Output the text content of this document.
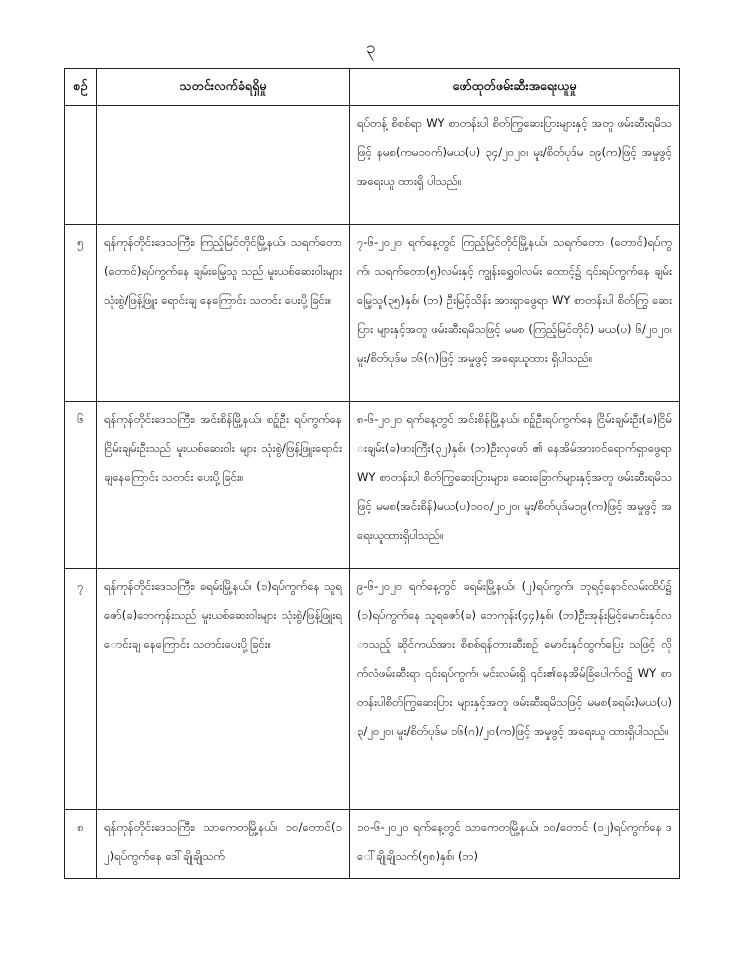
၃
စဉ်	သတင်းလက်ခံရရှိမှု	ဖော်ထုတ်ဖမ်းဆီးအရေးယူမှု
		ရပ်တန့် စိစစ်ရာ WY စာတန်းပါ စိတ်ကြွဆေးပြားများနှင့် အတူ ဖမ်းဆီးရမိသဖြင့် နမစ(ကမ၁၀က်)မယ(ပ) ၃၄/၂၀၂၀၊ မူး/စိတ်ပုဒ်မ ၁၉(က)ဖြင့် အမှုဖွင့် အရေးယူ ထားရှိ ပါသည်။
၅	ရန်ကုန်တိုင်းဒေသကြီး၊ ကြည့်မြင်တိုင်မြို့နယ်၊ သရက်တော(တောင်)ရပ်ကွက်နေ ချမ်းမြေ့သူ သည် မူးယစ်ဆေးဝါးများ သုံးစွဲ/ဖြန့်ဖြူး ရောင်းချ နေကြောင်း သတင်း ပေးပို့ခြင်း။	၇-၆-၂၀၂၀ ရက်နေ့တွင် ကြည့်မြင်တိုင်မြို့နယ်၊ သရက်တော (တောင်)ရပ်ကွက်၊ သရက်တော(၅)လမ်းနှင့် ကျွန်းရွှေဝါလမ်း ထောင့်၌ ၎င်းရပ်ကွက်နေ ချမ်းမြေ့သူ(၃၅)နှစ်၊ (ဘ) ဦးမြင့်သိန်း အားရှာဖွေရာ WY စာတန်းပါ စိတ်ကြွ ဆေးပြား များနှင့်အတူ ဖမ်းဆီးရမိသဖြင့် မမစ (ကြည့်မြင်တိုင်) မယ(ပ) ၆/၂၀၂၀၊ မူး/စိတ်ပုဒ်မ ၁၆(ဂ)ဖြင့် အမှုဖွင့် အရေးယူထား ရှိပါသည်။
၆	ရန်ကုန်တိုင်းဒေသကြီး၊ အင်းစိန်မြို့နယ်၊ စဥ့်ဦး ရပ်ကွက်နေ ငြိမ်းချမ်းဦးသည် မူးယစ်ဆေးဝါး များ သုံးစွဲ/ဖြန့်ဖြူးရောင်းချနေကြောင်း သတင်း ပေးပို့ခြင်း။	၈-၆-၂၀၂၀ ရက်နေ့တွင် အင်းစိန်မြို့နယ်၊ စဥ့်ဦးရပ်ကွက်နေ ငြိမ်းချမ်းဦး(ခ)ငြိမ်းချမ်း(ခ)ဖားကြီး(၃၂)နှစ်၊ (ဘ)ဦးလှဖော် ၏ နေအိမ်အားဝင်ရောက်ရှာဖွေရာ WY စာတန်းပါ စိတ်ကြွဆေးပြားများ၊ ဆေးခြောက်များနှင့်အတူ ဖမ်းဆီးရမိသဖြင့် မမစ(အင်းစိန်)မယ(ပ)၁၀၀/၂၀၂၀၊ မူး/စိတ်ပုဒ်မ၁၉(က)ဖြင့် အမှုဖွင့် အရေးယူထားရှိပါသည်။
၇	ရန်ကုန်တိုင်းဒေသကြီး၊ ခရမ်းမြို့နယ်၊ (၁)ရပ်ကွက်နေ သူရဇော်(ခ)ဘေကုန်းသည် မူးယစ်ဆေးဝါးများ သုံးစွဲ/ဖြန့်ဖြူးရောင်းချ နေကြောင်း သတင်းပေးပို့ခြင်း။	၉-၆-၂၀၂၀ ရက်နေ့တွင် ခရမ်းမြို့နယ်၊ (၂)ရပ်ကွက်၊ ဘုရင့်နောင်လမ်းထိပ်၌ (၁)ရပ်ကွက်နေ သူရဇော်(ခ) ဘေကုန်း(၄၄)နှစ်၊ (ဘ)ဦးအုန်းမြင့်မောင်းနှင်လာသည့် ဆိုင်ကယ်အား စိစစ်ရန်တားဆီးစဉ် မောင်းနှင်ထွက်ပြေး သဖြင့် လိုက်လံဖမ်းဆီးရာ ၎င်းရပ်ကွက်၊ မင်းလမ်းရှိ ၎င်း၏နေအိမ်ခြံပေါက်ဝ၌ WY စာတန်းပါစိတ်ကြွဆေးပြား များနှင့်အတူ ဖမ်းဆီးရမိသဖြင့် မမစ(ခရမ်း)မယ(ပ) ၃/၂၀၂၀၊ မူး/စိတ်ပုဒ်မ ၁၆(ဂ)/၂၀(က)ဖြင့် အမှုဖွင့် အရေးယူ ထားရှိပါသည်။
၈	ရန်ကုန်တိုင်းဒေသကြီး၊ သာကေတမြို့နယ်၊ ၁၀/တောင်(၁၂)ရပ်ကွက်နေ ဒေါ်ချိုချိုသက်	၁၀-၆-၂၀၂၀ ရက်နေ့တွင် သာကေတမြို့နယ်၊ ၁၀/တောင် (၁၂)ရပ်ကွက်နေ ဒေါ်ချိုချိုသက်(၅၈)နှစ်၊ (ဘ)
